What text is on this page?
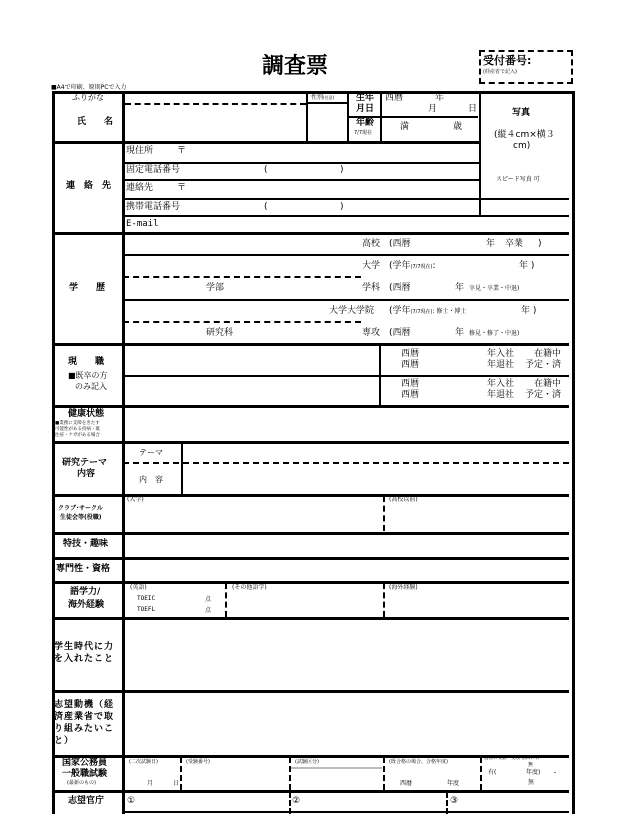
調査票	受付番号:
(経産省で記入)
■A4で印刷、原則PCで入力
ふりがな
氏　　名
性別(任意) 生年
月日
年齢
7/7現在
西暦	年
月	日
満	歳
写真
(縦４cm×横３
cm)
スピード写真 可
連　絡　先
現住所	〒
固定電話番号	(	)
連絡先	〒
携帯電話番号	(	)
E-mail
学　　歴
高校 (西暦	年 卒業 )
大学 (学年(7/7現在):	年 )
学部	学科 (西暦	年 卒見・卒業・中退)
大学大学院 (学年(7/7現在): 修士・博士	年 )
研究科	専攻 (西暦	年 修見・修了・中退)
現　　職
■既卒の方
のみ記入
西暦	年入社 在籍中
西暦	年退社 予定・済
西暦	年入社 在籍中
西暦	年退社 予定・済
健康状態
■業務に支障をきたす
可能性がある持病・既
往症・ケガがある場合
研究テーマ
内容
テーマ
内　容
クラブ･サークル
生徒会等(役職)
(大学)	(高校以前)
特技・趣味
専門性・資格
語学力/
海外経験
(英語)
TOEIC	点
TOEFL	点
(その他語学)	(海外経験)
学生時代に力
を入れたこと
志望動機（経
済産業省で取
り組みたいこ
と）
国家公務員
一般職試験
(最新のもの)
(二次試験日)
月	日
(受験番号)	(試験区分)	(既合格の場合、合格年度)
西暦	年度
過去の受験・受検 前回の有
無
有(	年度) ・
無
志望官庁	①	②	③
